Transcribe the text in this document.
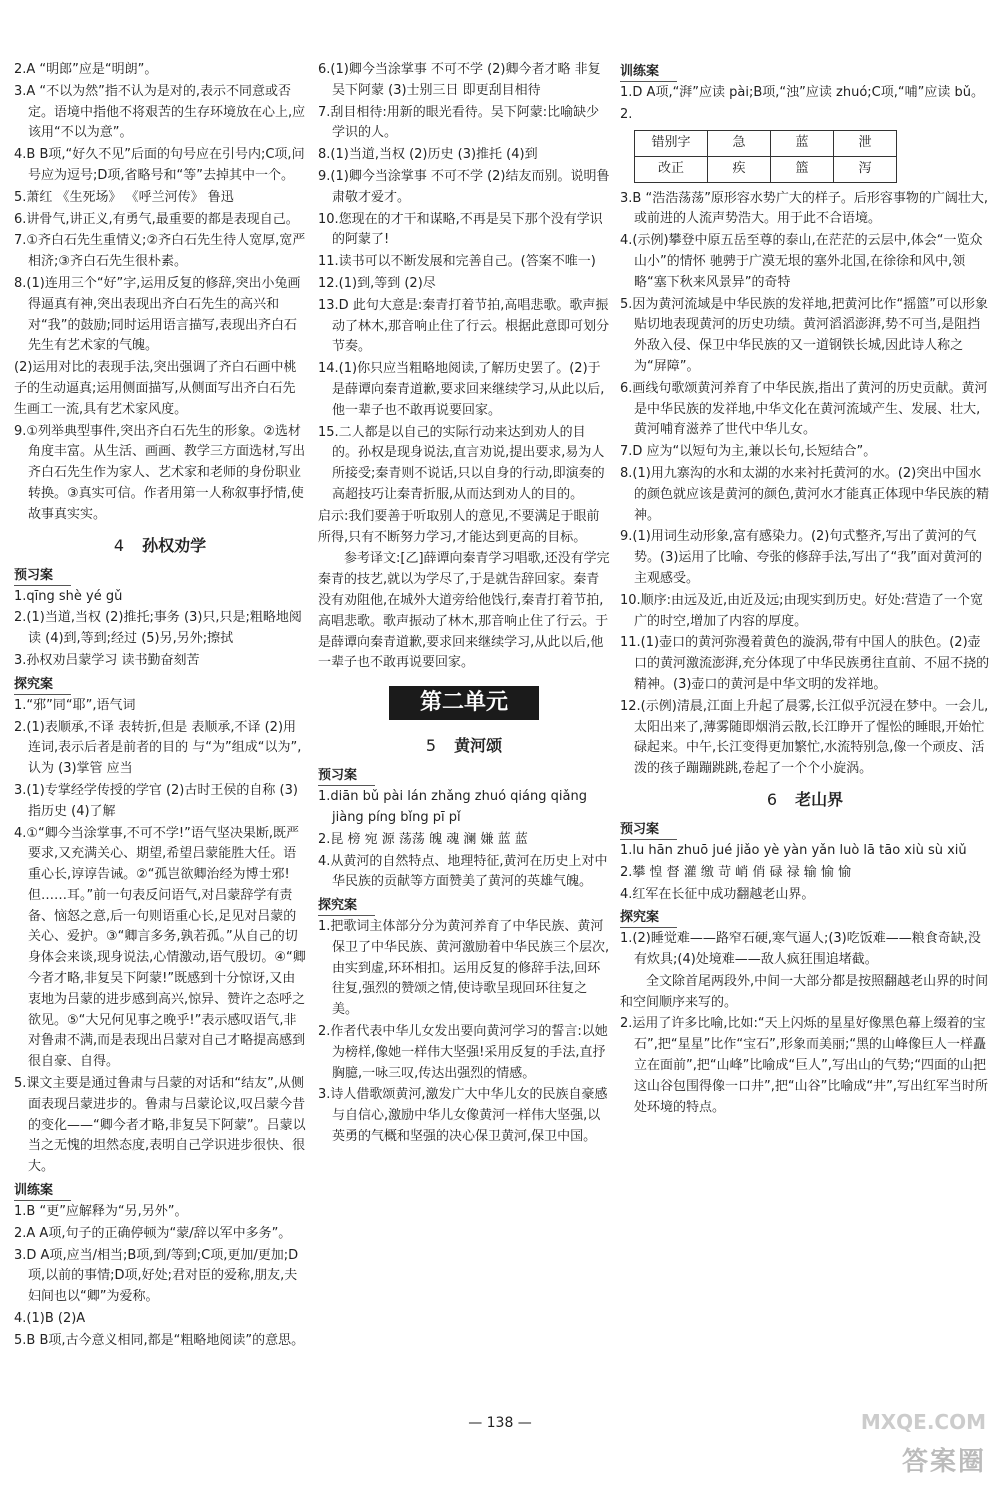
2.A “明郎”应是“明朗”。

3.A “不以为然”指不认为是对的,表示不同意或否定。语境中指他不将艰苦的生存环境放在心上,应该用“不以为意”。

4.B B项,“好久不见”后面的句号应在引号内;C项,问号应为逗号;D项,省略号和“等”去掉其中一个。

5.萧红 《生死场》 《呼兰河传》 鲁迅

6.讲骨气,讲正义,有勇气,最重要的都是表现自己。

7.①齐白石先生重情义;②齐白石先生待人宽厚,宽严相济;③齐白石先生很朴素。

8.(1)连用三个“好”字,运用反复的修辞,突出小兔画得逼真有神,突出表现出齐白石先生的高兴和对“我”的鼓励;同时运用语言描写,表现出齐白石先生有艺术家的气魄。

(2)运用对比的表现手法,突出强调了齐白石画中桃子的生动逼真;运用侧面描写,从侧面写出齐白石先生画工一流,具有艺术家风度。

9.①列举典型事件,突出齐白石先生的形象。②选材角度丰富。从生活、画画、教学三方面选材,写出齐白石先生作为家人、艺术家和老师的身份职业转换。③真实可信。作者用第一人称叙事抒情,使故事真实实。

4 孙权劝学
预习案

1.qīng shè yé gǔ

2.(1)当道,当权 (2)推托;事务 (3)只,只是;粗略地阅读 (4)到,等到;经过 (5)另,另外;擦拭

3.孙权劝吕蒙学习 读书勤奋刻苦

探究案

1.“邪”同“耶”,语气词

2.(1)表顺承,不译 表转折,但是 表顺承,不译 (2)用 连词,表示后者是前者的目的 与“为”组成“以为”,认为 (3)掌管 应当

3.(1)专掌经学传授的学官 (2)古时王侯的自称 (3)指历史 (4)了解

4.①“卿今当涂掌事,不可不学!”语气坚决果断,既严要求,又充满关心、期望,希望吕蒙能胜大任。语重心长,谆谆告诫。②“孤岂欲卿治经为博士邪!但……耳。”前一句表反问语气,对吕蒙辞学有责备、恼怒之意,后一句则语重心长,足见对吕蒙的关心、爱护。③“卿言多务,孰若孤。”从自己的切身体会来谈,现身说法,心情激动,语气殷切。④“卿今者才略,非复吴下阿蒙!”既感到十分惊讶,又由衷地为吕蒙的进步感到高兴,惊异、赞许之态呼之欲见。⑤“大兄何见事之晚乎!”表示感叹语气,非对鲁肃不满,而是表现出吕蒙对自己才略提高感到很自豪、自得。

5.课文主要是通过鲁肃与吕蒙的对话和“结友”,从侧面表现吕蒙进步的。鲁肃与吕蒙论议,叹吕蒙今昔的变化——“卿今者才略,非复吴下阿蒙”。吕蒙以当之无愧的坦然态度,表明自己学识进步很快、很大。

训练案

1.B “更”应解释为“另,另外”。

2.A A项,句子的正确停顿为“蒙/辞以军中多务”。

3.D A项,应当/相当;B项,到/等到;C项,更加/更加;D项,以前的事情;D项,好处;君对臣的爱称,朋友,夫妇间也以“卿”为爱称。

4.(1)B (2)A

5.B B项,古今意义相同,都是“粗略地阅读”的意思。

6.(1)卿今当涂掌事 不可不学 (2)卿今者才略 非复吴下阿蒙 (3)士别三日 即更刮目相待

7.刮目相待:用新的眼光看待。吴下阿蒙:比喻缺少学识的人。

8.(1)当道,当权 (2)历史 (3)推托 (4)到

9.(1)卿今当涂掌事 不可不学 (2)结友而别。说明鲁肃敬才爱才。

10.您现在的才干和谋略,不再是吴下那个没有学识的阿蒙了!

11.读书可以不断发展和完善自己。(答案不唯一)

12.(1)到,等到 (2)尽

13.D 此句大意是:秦青打着节拍,高唱悲歌。歌声振动了林木,那音响止住了行云。根据此意即可划分节奏。

14.(1)你只应当粗略地阅读,了解历史罢了。(2)于是薛谭向秦青道歉,要求回来继续学习,从此以后,他一辈子也不敢再说要回家。

15.二人都是以自己的实际行动来达到劝人的目的。孙权是现身说法,直言劝说,提出要求,易为人所接受;秦青则不说话,只以自身的行动,即演奏的高超技巧让秦青折服,从而达到劝人的目的。

启示:我们要善于听取别人的意见,不要满足于眼前所得,只有不断努力学习,才能达到更高的目标。

参考译文:[乙]薛谭向秦青学习唱歌,还没有学完秦青的技艺,就以为学尽了,于是就告辞回家。秦青没有劝阻他,在城外大道旁给他饯行,秦青打着节拍,高唱悲歌。歌声振动了林木,那音响止住了行云。于是薛谭向秦青道歉,要求回来继续学习,从此以后,他一辈子也不敢再说要回家。

第二单元
5 黄河颂
预习案

1.diān bǔ pài lán zhǎng zhuó qiáng qiǎng jiàng píng bǐng pī pǐ

2.昆 榜 宛 源 荡荡 魄 魂 澜 嫌 蓝 蓝

4.从黄河的自然特点、地理特征,黄河在历史上对中华民族的贡献等方面赞美了黄河的英雄气魄。

探究案

1.把歌词主体部分分为黄河养育了中华民族、黄河保卫了中华民族、黄河激励着中华民族三个层次,由实到虚,环环相扣。运用反复的修辞手法,回环往复,强烈的赞颂之情,使诗歌呈现回环往复之美。

2.作者代表中华儿女发出要向黄河学习的誓言:以她为榜样,像她一样伟大坚强!采用反复的手法,直抒胸臆,一咏三叹,传达出强烈的情感。

3.诗人借歌颂黄河,激发广大中华儿女的民族自豪感与自信心,激励中华儿女像黄河一样伟大坚强,以英勇的气概和坚强的决心保卫黄河,保卫中国。

训练案

1.D A项,“湃”应读 pài;B项,“浊”应读 zhuó;C项,“哺”应读 bǔ。

2.

错别字	急	蓝	泄
改正	疾	篮	泻

3.B “浩浩荡荡”原形容水势广大的样子。后形容事物的广阔壮大,或前进的人流声势浩大。用于此不合语境。

4.(示例)攀登中原五岳至尊的泰山,在茫茫的云层中,体会“一览众山小”的情怀 驰骋于广漠无垠的塞外北国,在徐徐和风中,领略“塞下秋来风景异”的奇特

5.因为黄河流域是中华民族的发祥地,把黄河比作“摇篮”可以形象贴切地表现黄河的历史功绩。黄河滔滔澎湃,势不可当,是阻挡外敌入侵、保卫中华民族的又一道钢铁长城,因此诗人称之为“屏障”。

6.画线句歌颂黄河养育了中华民族,指出了黄河的历史贡献。黄河是中华民族的发祥地,中华文化在黄河流域产生、发展、壮大,黄河哺育滋养了世代中华儿女。

7.D 应为“以短句为主,兼以长句,长短结合”。

8.(1)用九寨沟的水和太湖的水来衬托黄河的水。(2)突出中国水的颜色就应该是黄河的颜色,黄河水才能真正体现中华民族的精神。

9.(1)用词生动形象,富有感染力。(2)句式整齐,写出了黄河的气势。(3)运用了比喻、夸张的修辞手法,写出了“我”面对黄河的主观感受。

10.顺序:由远及近,由近及远;由现实到历史。好处:营造了一个宽广的时空,增加了内容的厚度。

11.(1)壶口的黄河弥漫着黄色的漩涡,带有中国人的肤色。(2)壶口的黄河激流澎湃,充分体现了中华民族勇往直前、不屈不挠的精神。(3)壶口的黄河是中华文明的发祥地。

12.(示例)清晨,江面上升起了晨雾,长江似乎沉浸在梦中。一会儿,太阳出来了,薄雾随即烟消云散,长江睁开了惺忪的睡眼,开始忙碌起来。中午,长江变得更加繁忙,水流特别急,像一个顽皮、活泼的孩子蹦蹦跳跳,卷起了一个个小旋涡。

6 老山界
预习案

1.lu hān zhuō jué jiǎo yè yàn yǎn luò lā tāo xiù sù xiǔ

2.攀 惶 督 灌 缴 苛 峭 俏 碌 禄 输 愉 愉

4.红军在长征中成功翻越老山界。

探究案

1.(2)睡觉难——路窄石硬,寒气逼人;(3)吃饭难——粮食奇缺,没有炊具;(4)处境难——敌人疯狂围追堵截。

全文除首尾两段外,中间一大部分都是按照翻越老山界的时间和空间顺序来写的。

2.运用了许多比喻,比如:“天上闪烁的星星好像黑色幕上缀着的宝石”,把“星星”比作“宝石”,形象而美丽;“黑的山峰像巨人一样矗立在面前”,把“山峰”比喻成“巨人”,写出山的气势;“四面的山把这山谷包围得像一口井”,把“山谷”比喻成“井”,写出红军当时所处环境的特点。

— 138 —
答案圈
MXQE.COM
